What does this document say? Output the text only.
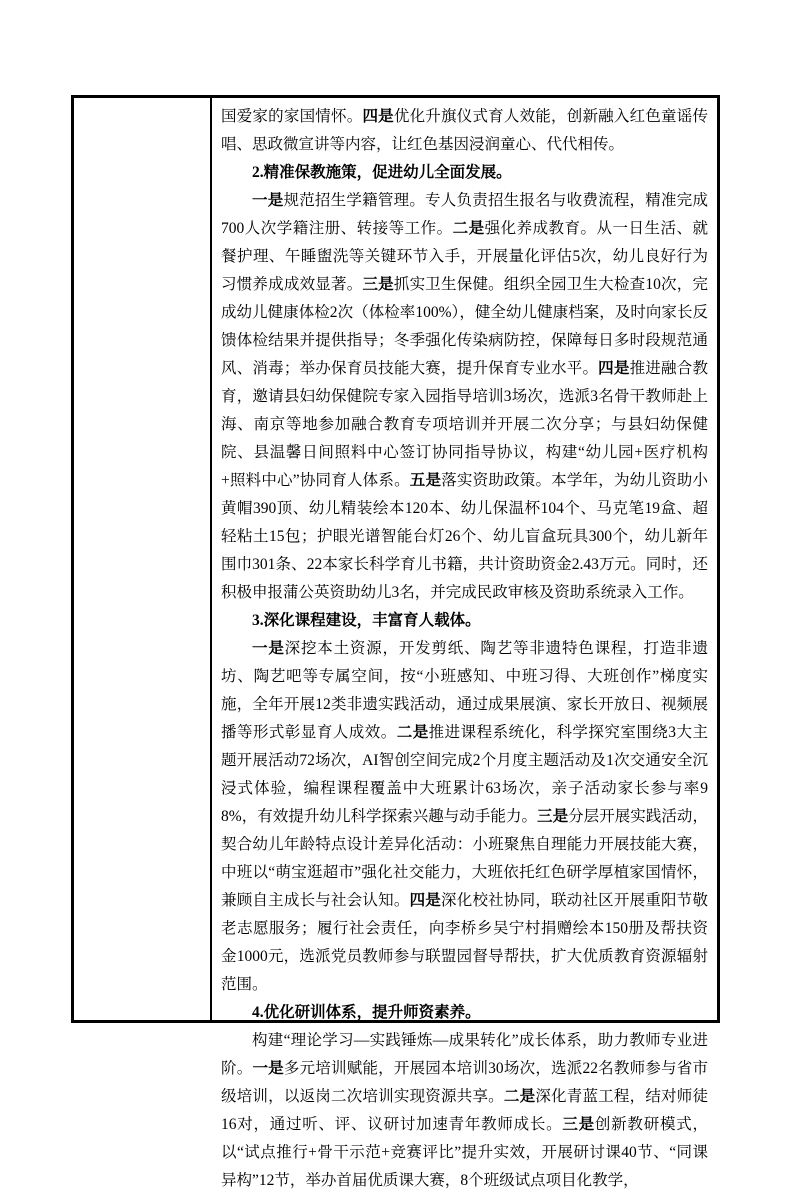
国爱家的家国情怀。四是优化升旗仪式育人效能，创新融入红色童谣传唱、思政微宣讲等内容，让红色基因浸润童心、代代相传。

2.精准保教施策，促进幼儿全面发展。

一是规范招生学籍管理。专人负责招生报名与收费流程，精准完成700人次学籍注册、转接等工作。二是强化养成教育。从一日生活、就餐护理、午睡盥洗等关键环节入手，开展量化评估5次，幼儿良好行为习惯养成成效显著。三是抓实卫生保健。组织全园卫生大检查10次，完成幼儿健康体检2次（体检率100%），健全幼儿健康档案，及时向家长反馈体检结果并提供指导；冬季强化传染病防控，保障每日多时段规范通风、消毒；举办保育员技能大赛，提升保育专业水平。四是推进融合教育，邀请县妇幼保健院专家入园指导培训3场次，选派3名骨干教师赴上海、南京等地参加融合教育专项培训并开展二次分享；与县妇幼保健院、县温馨日间照料中心签订协同指导协议，构建“幼儿园+医疗机构+照料中心”协同育人体系。五是落实资助政策。本学年，为幼儿资助小黄帽390顶、幼儿精装绘本120本、幼儿保温杯104个、马克笔19盒、超轻粘土15包；护眼光谱智能台灯26个、幼儿盲盒玩具300个，幼儿新年围巾301条、22本家长科学育儿书籍，共计资助资金2.43万元。同时，还积极申报蒲公英资助幼儿3名，并完成民政审核及资助系统录入工作。

3.深化课程建设，丰富育人载体。

一是深挖本土资源，开发剪纸、陶艺等非遗特色课程，打造非遗坊、陶艺吧等专属空间，按“小班感知、中班习得、大班创作”梯度实施，全年开展12类非遗实践活动，通过成果展演、家长开放日、视频展播等形式彰显育人成效。二是推进课程系统化，科学探究室围绕3大主题开展活动72场次，AI智创空间完成2个月度主题活动及1次交通安全沉浸式体验，编程课程覆盖中大班累计63场次，亲子活动家长参与率98%，有效提升幼儿科学探索兴趣与动手能力。三是分层开展实践活动，契合幼儿年龄特点设计差异化活动：小班聚焦自理能力开展技能大赛，中班以“萌宝逛超市”强化社交能力，大班依托红色研学厚植家国情怀，兼顾自主成长与社会认知。四是深化校社协同，联动社区开展重阳节敬老志愿服务；履行社会责任，向李桥乡吴宁村捐赠绘本150册及帮扶资金1000元，选派党员教师参与联盟园督导帮扶，扩大优质教育资源辐射范围。

4.优化研训体系，提升师资素养。

构建“理论学习—实践锤炼—成果转化”成长体系，助力教师专业进阶。一是多元培训赋能，开展园本培训30场次，选派22名教师参与省市级培训，以返岗二次培训实现资源共享。二是深化青蓝工程，结对师徒16对，通过听、评、议研讨加速青年教师成长。三是创新教研模式，以“试点推行+骨干示范+竞赛评比”提升实效，开展研讨课40节、“同课异构”12节，举办首届优质课大赛，8个班级试点项目化教学，
